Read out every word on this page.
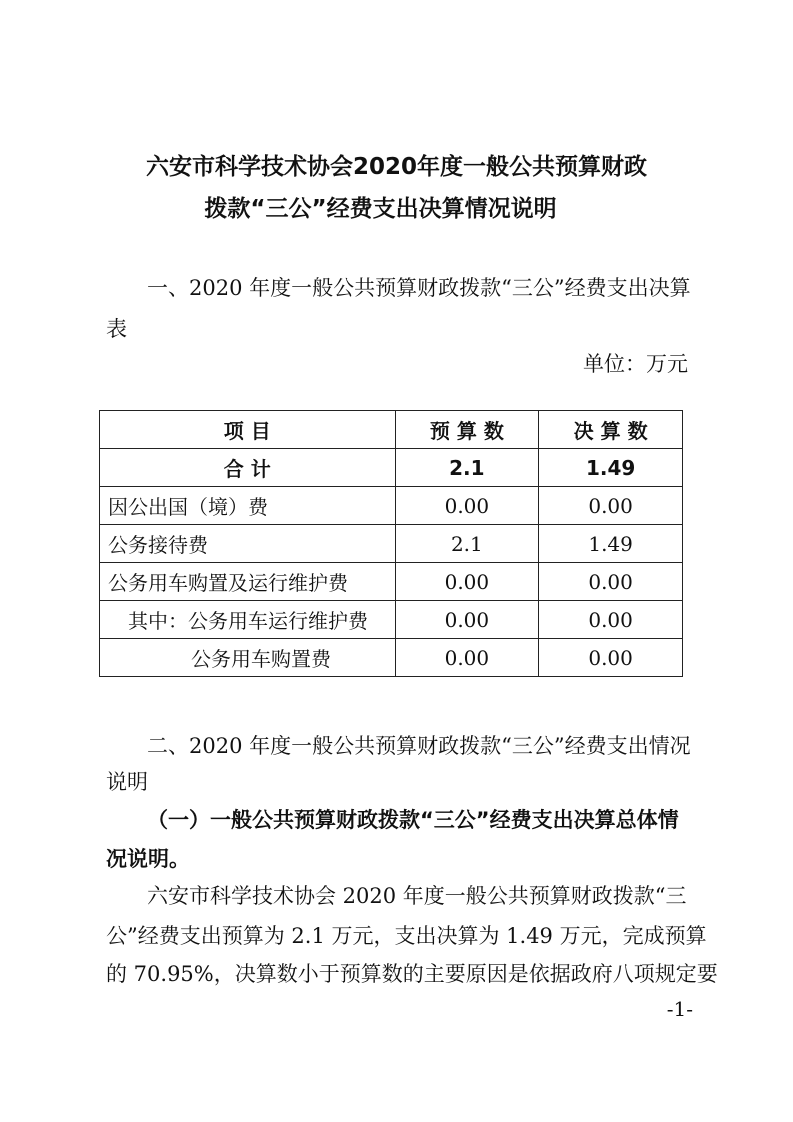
六安市科学技术协会2020年度一般公共预算财政
拨款“三公”经费支出决算情况说明
一、2020 年度一般公共预算财政拨款“三公”经费支出决算
表
单位：万元
项 目	预 算 数	决 算 数
合 计	2.1	1.49
因公出国（境）费	0.00	0.00
公务接待费	2.1	1.49
公务用车购置及运行维护费	0.00	0.00
其中：公务用车运行维护费	0.00	0.00
公务用车购置费	0.00	0.00
二、2020 年度一般公共预算财政拨款“三公”经费支出情况
说明
（一）一般公共预算财政拨款“三公”经费支出决算总体情
况说明。
六安市科学技术协会 2020 年度一般公共预算财政拨款“三
公”经费支出预算为 2.1 万元，支出决算为 1.49 万元，完成预算
的 70.95%，决算数小于预算数的主要原因是依据政府八项规定要
-1-
